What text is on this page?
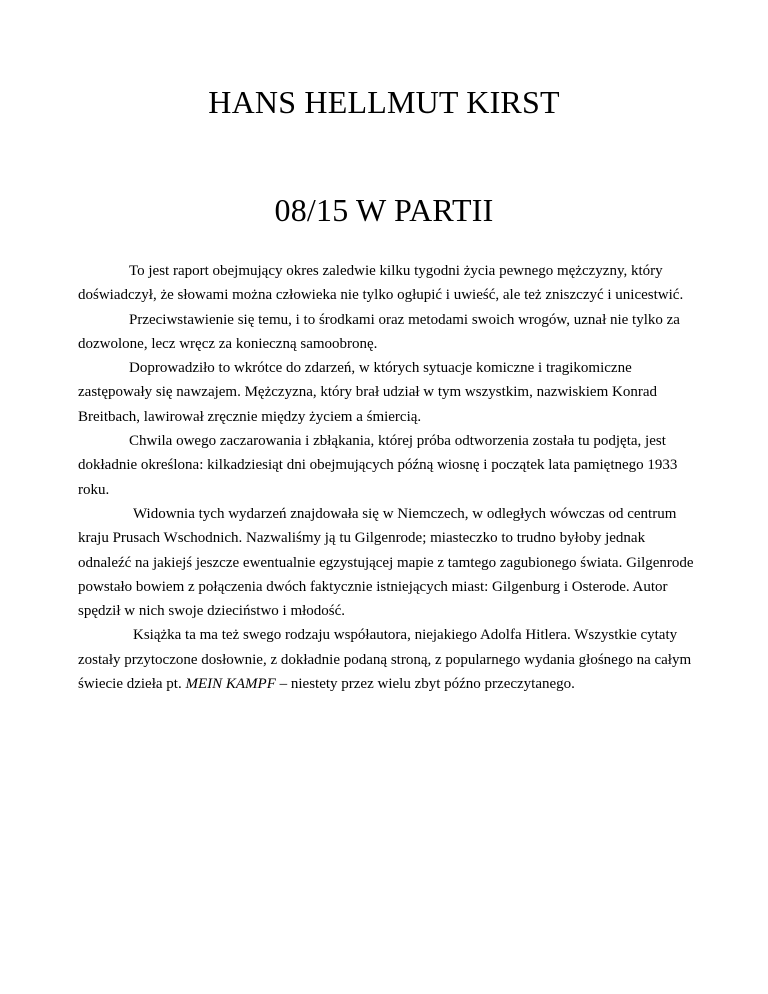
HANS HELLMUT KIRST
08/15 W PARTII

To jest raport obejmujący okres zaledwie kilku tygodni życia pewnego mężczyzny, który doświadczył, że słowami można człowieka nie tylko ogłupić i uwieść, ale też zniszczyć i unicestwić.

Przeciwstawienie się temu, i to środkami oraz metodami swoich wrogów, uznał nie tylko za dozwolone, lecz wręcz za konieczną samoobronę.

Doprowadziło to wkrótce do zdarzeń, w których sytuacje komiczne i tragikomiczne zastępowały się nawzajem. Mężczyzna, który brał udział w tym wszystkim, nazwiskiem Konrad Breitbach, lawirował zręcznie między życiem a śmiercią.

Chwila owego zaczarowania i zbłąkania, której próba odtworzenia została tu podjęta, jest dokładnie określona: kilkadziesiąt dni obejmujących późną wiosnę i początek lata pamiętnego 1933 roku.

Widownia tych wydarzeń znajdowała się w Niemczech, w odległych wówczas od centrum kraju Prusach Wschodnich. Nazwaliśmy ją tu Gilgenrode; miasteczko to trudno byłoby jednak odnaleźć na jakiejś jeszcze ewentualnie egzystującej mapie z tamtego zagubionego świata. Gilgenrode powstało bowiem z połączenia dwóch faktycznie istniejących miast: Gilgenburg i Osterode. Autor spędził w nich swoje dzieciństwo i młodość.

Książka ta ma też swego rodzaju współautora, niejakiego Adolfa Hitlera. Wszystkie cytaty zostały przytoczone dosłownie, z dokładnie podaną stroną, z popularnego wydania głośnego na całym świecie dzieła pt. MEIN KAMPF – niestety przez wielu zbyt późno przeczytanego.
